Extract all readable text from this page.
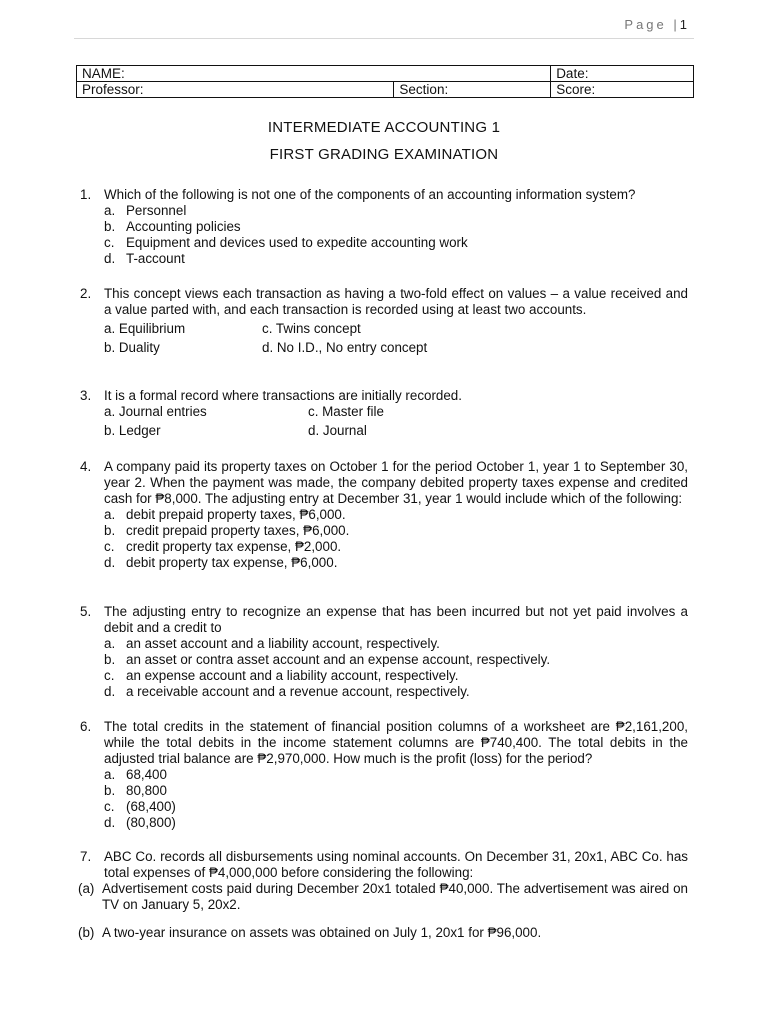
Page |1
NAME:		Date:
Professor:	Section:	Score:
INTERMEDIATE ACCOUNTING 1
FIRST GRADING EXAMINATION
1. Which of the following is not one of the components of an accounting information system?
a. Personnel
b. Accounting policies
c. Equipment and devices used to expedite accounting work
d. T-account
2. This concept views each transaction as having a two-fold effect on values – a value received and a value parted with, and each transaction is recorded using at least two accounts.
a. Equilibrium	c. Twins concept
b. Duality	d. No I.D., No entry concept
3. It is a formal record where transactions are initially recorded.
a. Journal entries	c. Master file
b. Ledger	d. Journal
4. A company paid its property taxes on October 1 for the period October 1, year 1 to September 30, year 2. When the payment was made, the company debited property taxes expense and credited cash for ₱8,000. The adjusting entry at December 31, year 1 would include which of the following:
a. debit prepaid property taxes, ₱6,000.
b. credit prepaid property taxes, ₱6,000.
c. credit property tax expense, ₱2,000.
d. debit property tax expense, ₱6,000.
5. The adjusting entry to recognize an expense that has been incurred but not yet paid involves a debit and a credit to
a. an asset account and a liability account, respectively.
b. an asset or contra asset account and an expense account, respectively.
c. an expense account and a liability account, respectively.
d. a receivable account and a revenue account, respectively.
6. The total credits in the statement of financial position columns of a worksheet are ₱2,161,200, while the total debits in the income statement columns are ₱740,400. The total debits in the adjusted trial balance are ₱2,970,000. How much is the profit (loss) for the period?
a. 68,400
b. 80,800
c. (68,400)
d. (80,800)
7. ABC Co. records all disbursements using nominal accounts. On December 31, 20x1, ABC Co. has total expenses of ₱4,000,000 before considering the following:
(a) Advertisement costs paid during December 20x1 totaled ₱40,000. The advertisement was aired on TV on January 5, 20x2.
(b) A two-year insurance on assets was obtained on July 1, 20x1 for ₱96,000.
